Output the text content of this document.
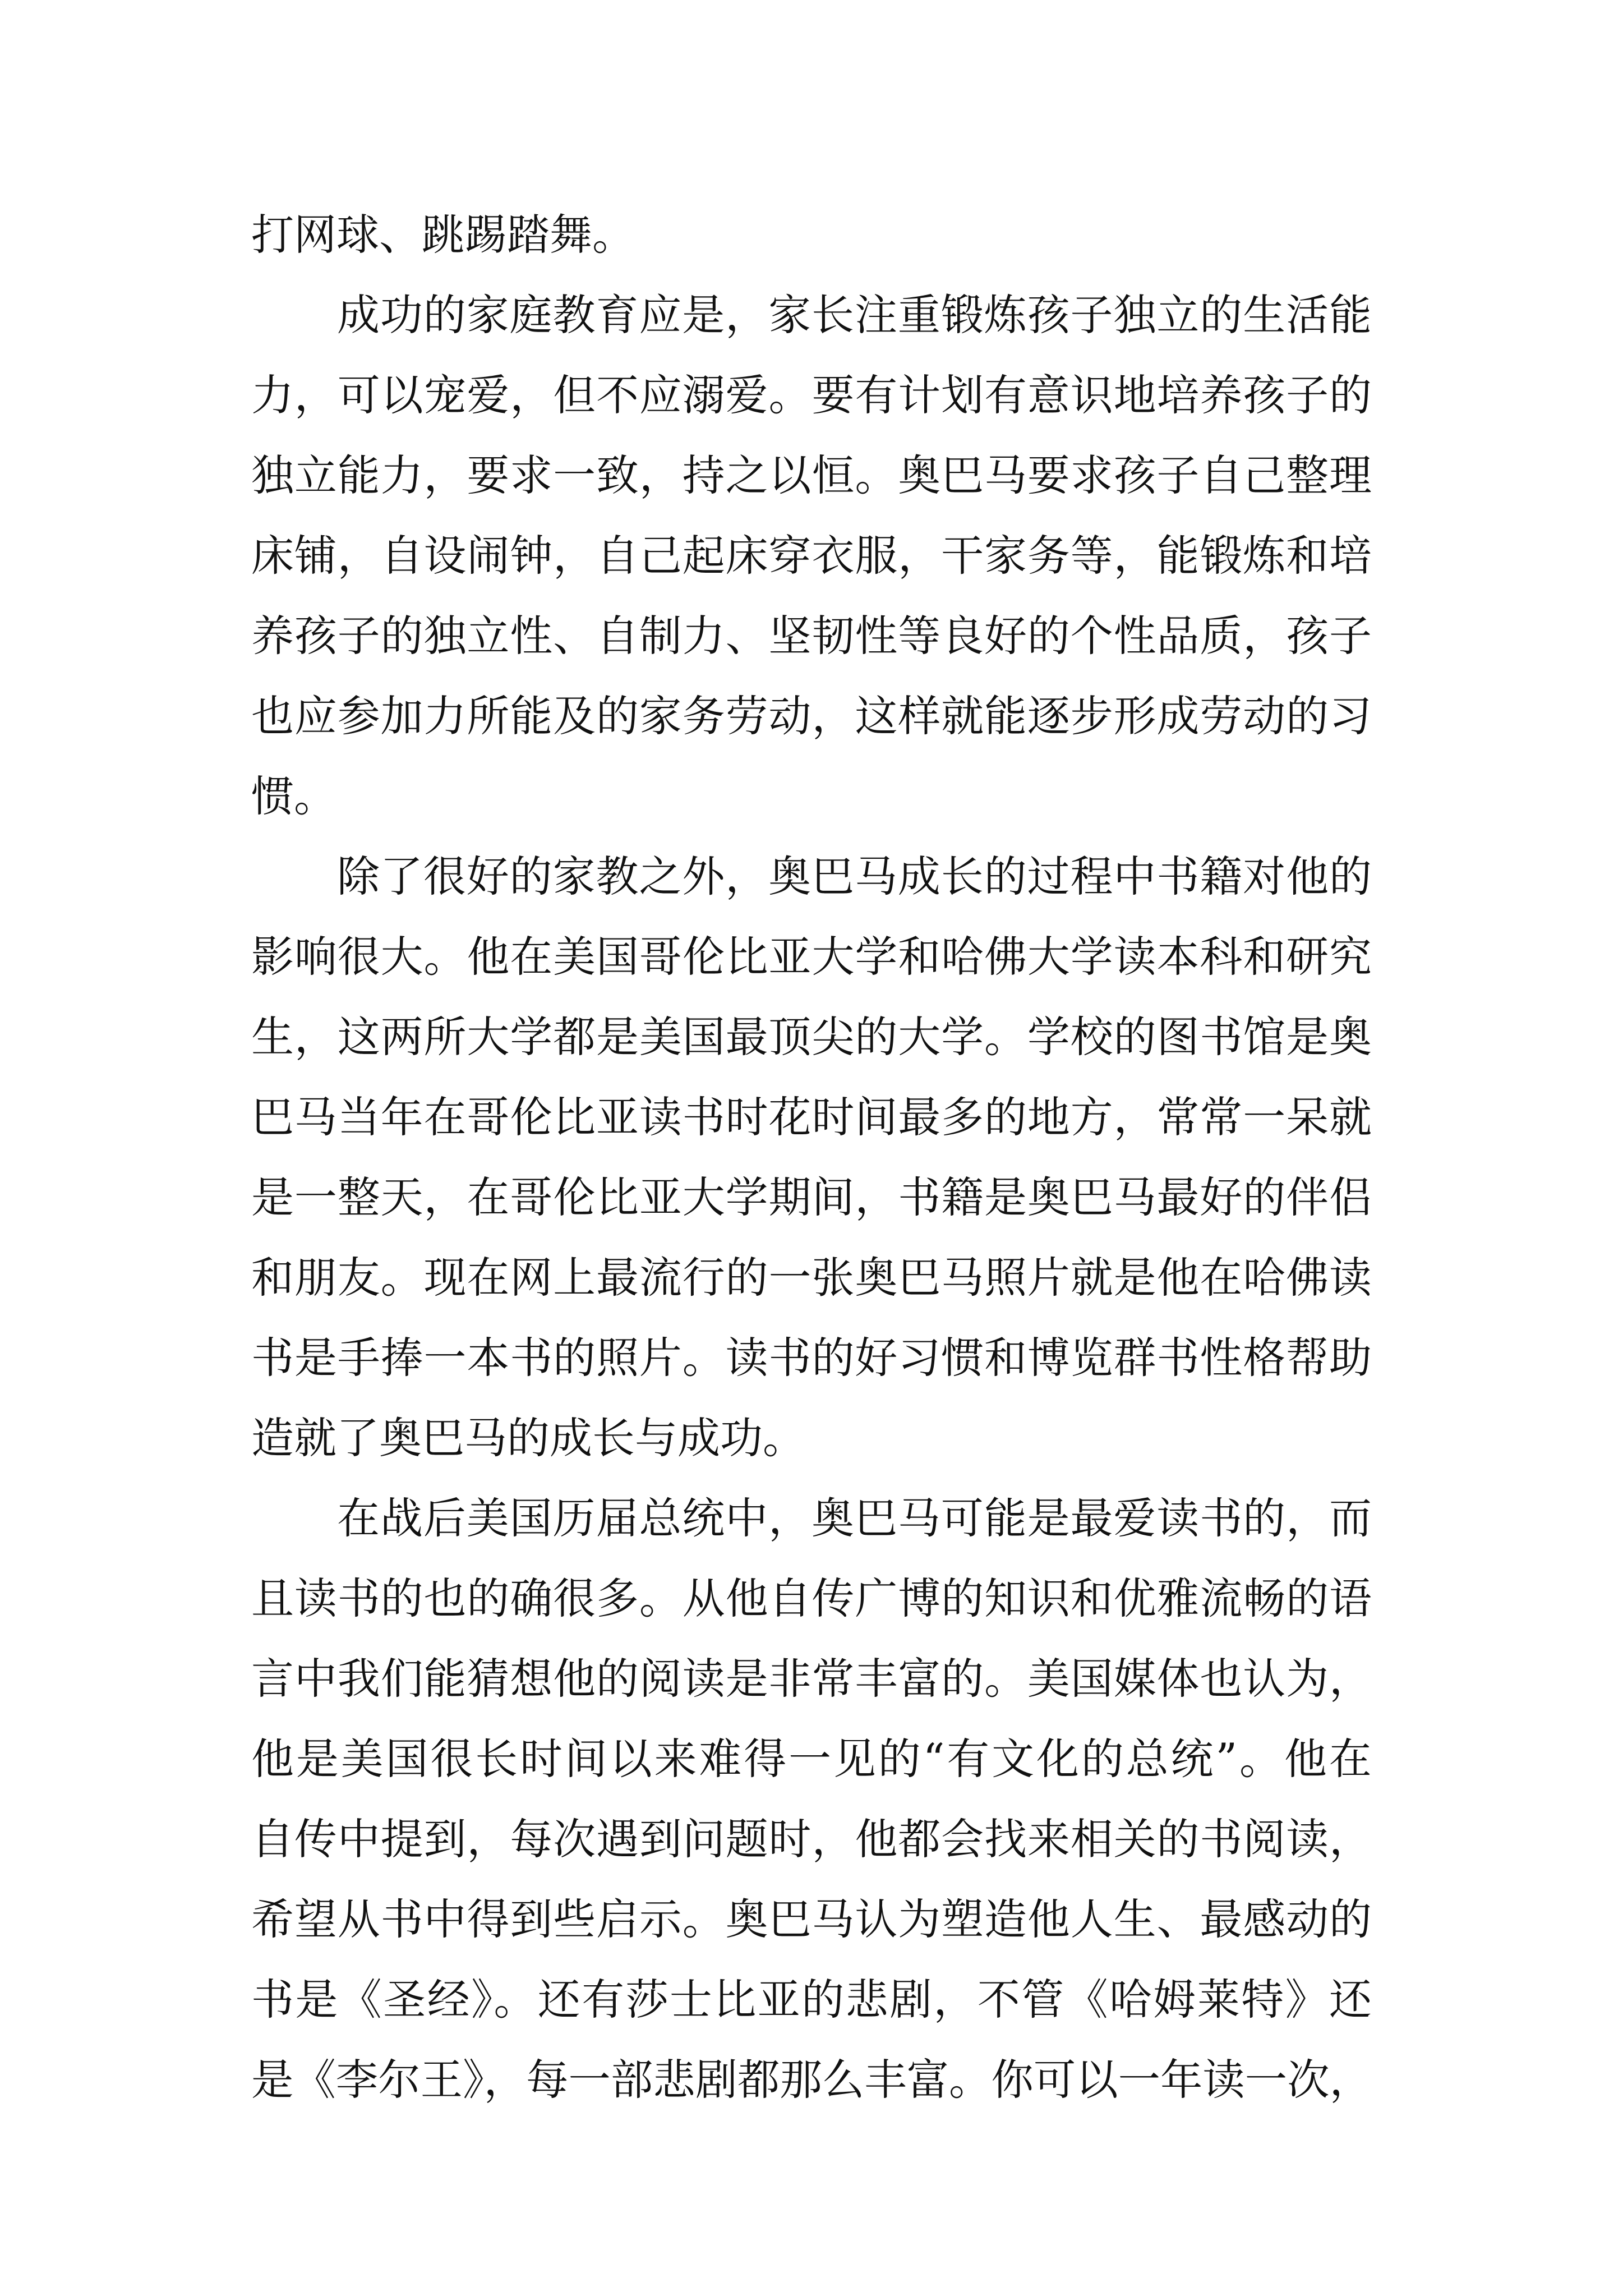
打网球、跳踢踏舞。
成功的家庭教育应是，家长注重锻炼孩子独立的生活能
力，可以宠爱，但不应溺爱。要有计划有意识地培养孩子的
独立能力，要求一致，持之以恒。奥巴马要求孩子自己整理
床铺，自设闹钟，自己起床穿衣服，干家务等，能锻炼和培
养孩子的独立性、自制力、坚韧性等良好的个性品质，孩子
也应参加力所能及的家务劳动，这样就能逐步形成劳动的习
惯。
除了很好的家教之外，奥巴马成长的过程中书籍对他的
影响很大。他在美国哥伦比亚大学和哈佛大学读本科和研究
生，这两所大学都是美国最顶尖的大学。学校的图书馆是奥
巴马当年在哥伦比亚读书时花时间最多的地方，常常一呆就
是一整天，在哥伦比亚大学期间，书籍是奥巴马最好的伴侣
和朋友。现在网上最流行的一张奥巴马照片就是他在哈佛读
书是手捧一本书的照片。读书的好习惯和博览群书性格帮助
造就了奥巴马的成长与成功。
在战后美国历届总统中，奥巴马可能是最爱读书的，而
且读书的也的确很多。从他自传广博的知识和优雅流畅的语
言中我们能猜想他的阅读是非常丰富的。美国媒体也认为，
他是美国很长时间以来难得一见的“有文化的总统”。他在
自传中提到，每次遇到问题时，他都会找来相关的书阅读，
希望从书中得到些启示。奥巴马认为塑造他人生、最感动的
书是《圣经》。还有莎士比亚的悲剧，不管《哈姆莱特》还
是《李尔王》，每一部悲剧都那么丰富。你可以一年读一次，
